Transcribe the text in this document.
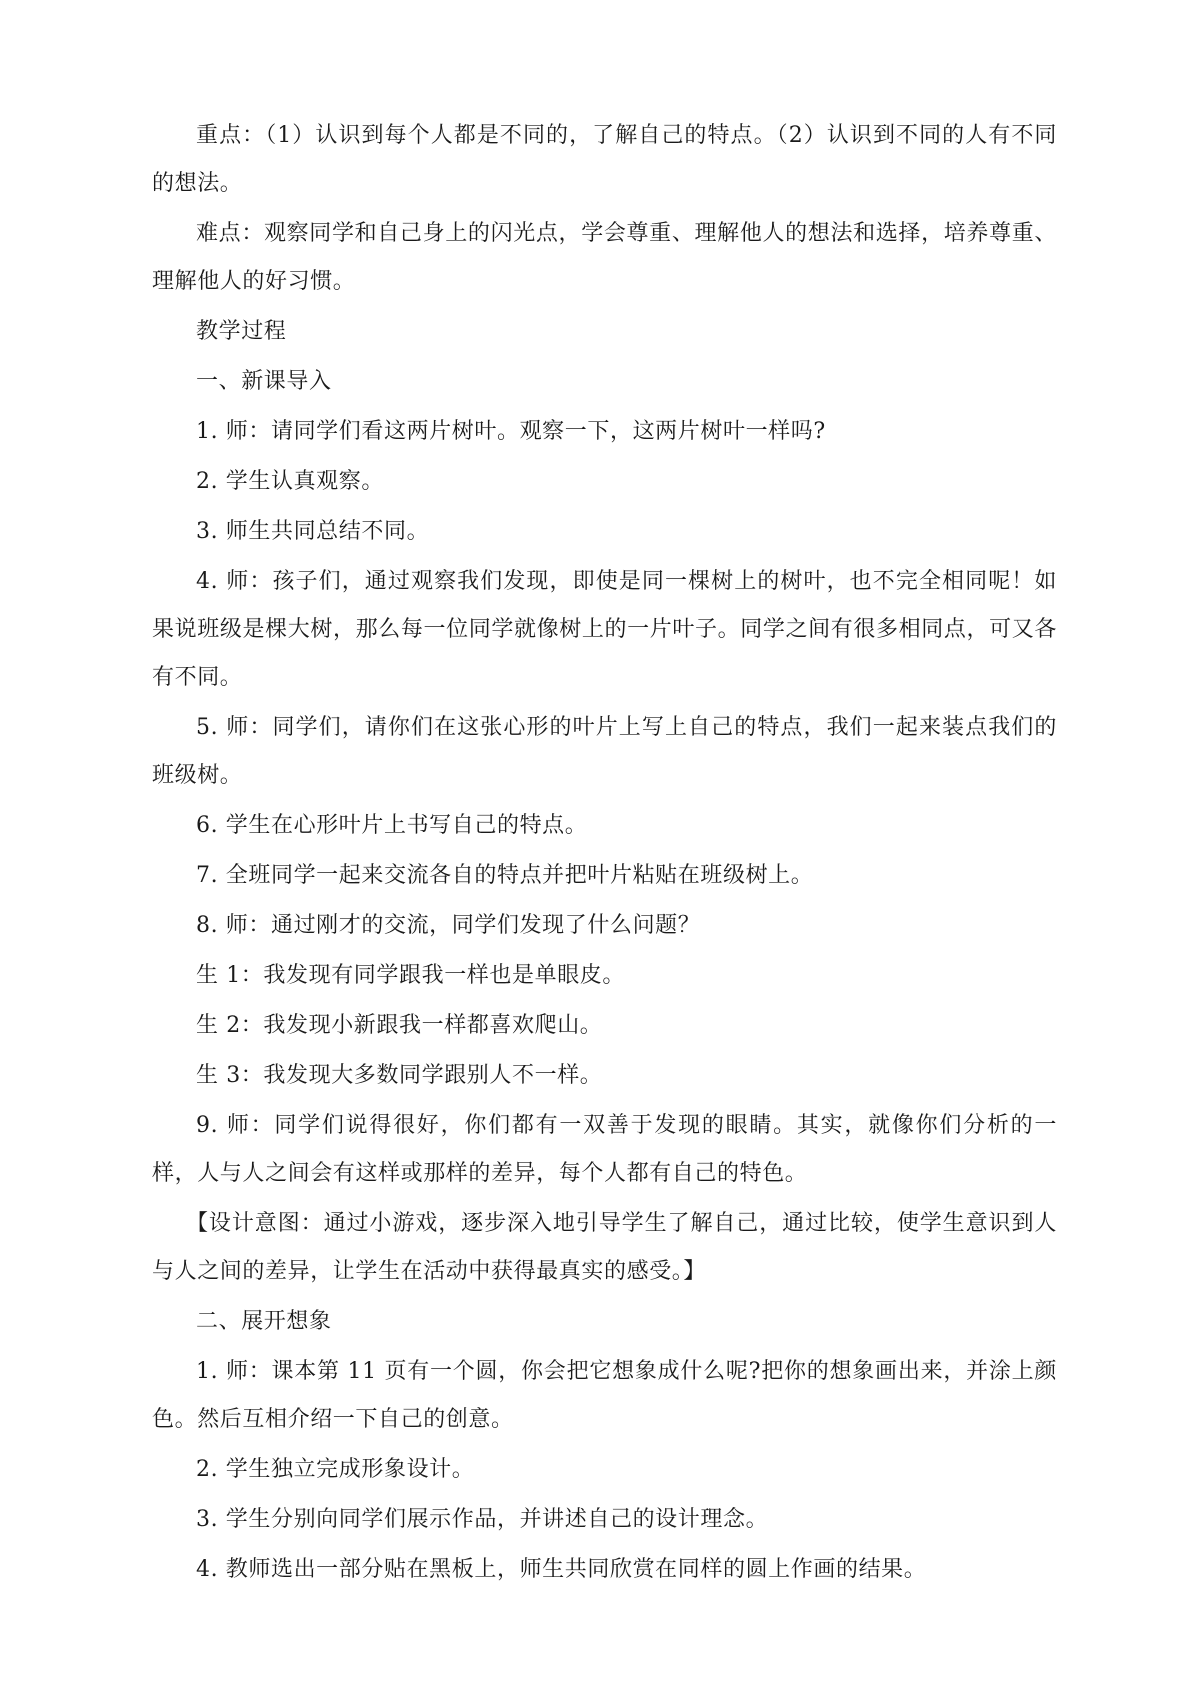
重点：（1）认识到每个人都是不同的，了解自己的特点。（2）认识到不同的人有不同的想法。

难点：观察同学和自己身上的闪光点，学会尊重、理解他人的想法和选择，培养尊重、理解他人的好习惯。

教学过程

一、新课导入

1. 师：请同学们看这两片树叶。观察一下，这两片树叶一样吗?

2. 学生认真观察。

3. 师生共同总结不同。

4. 师：孩子们，通过观察我们发现，即使是同一棵树上的树叶，也不完全相同呢！如果说班级是棵大树，那么每一位同学就像树上的一片叶子。同学之间有很多相同点，可又各有不同。

5. 师：同学们，请你们在这张心形的叶片上写上自己的特点，我们一起来装点我们的班级树。

6. 学生在心形叶片上书写自己的特点。

7. 全班同学一起来交流各自的特点并把叶片粘贴在班级树上。

8. 师：通过刚才的交流，同学们发现了什么问题？

生 1：我发现有同学跟我一样也是单眼皮。

生 2：我发现小新跟我一样都喜欢爬山。

生 3：我发现大多数同学跟别人不一样。

9. 师：同学们说得很好，你们都有一双善于发现的眼睛。其实，就像你们分析的一样，人与人之间会有这样或那样的差异，每个人都有自己的特色。

【设计意图：通过小游戏，逐步深入地引导学生了解自己，通过比较，使学生意识到人与人之间的差异，让学生在活动中获得最真实的感受。】

二、展开想象

1. 师：课本第 11 页有一个圆，你会把它想象成什么呢?把你的想象画出来，并涂上颜色。然后互相介绍一下自己的创意。

2. 学生独立完成形象设计。

3. 学生分别向同学们展示作品，并讲述自己的设计理念。

4. 教师选出一部分贴在黑板上，师生共同欣赏在同样的圆上作画的结果。
